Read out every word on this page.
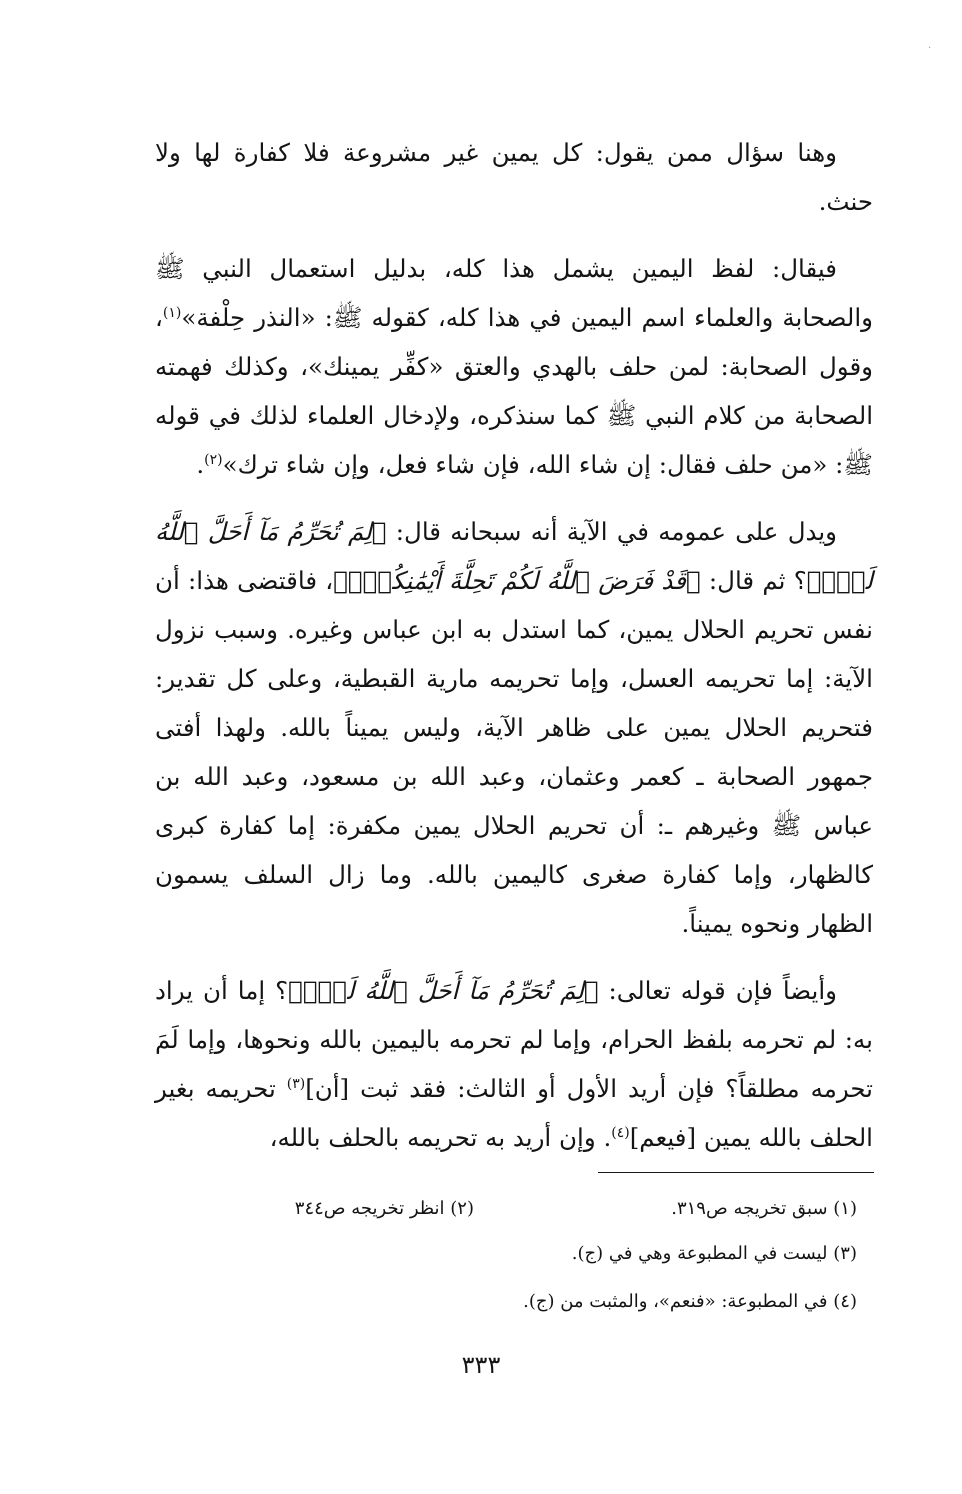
·

وهنا سؤال ممن يقول: كل يمين غير مشروعة فلا كفارة لها ولا حنث.

فيقال: لفظ اليمين يشمل هذا كله، بدليل استعمال النبي ﷺ والصحابة والعلماء اسم اليمين في هذا كله، كقوله ﷺ: «النذر حِلْفة»$^{(١)}$، وقول الصحابة: لمن حلف بالهدي والعتق «كفِّر يمينك»، وكذلك فهمته الصحابة من كلام النبي ﷺ كما سنذكره، ولإدخال العلماء لذلك في قوله ﷺ: «من حلف فقال: إن شاء الله، فإن شاء فعل، وإن شاء ترك»$^{(٢)}$.

ويدل على عمومه في الآية أنه سبحانه قال: ﴿لِمَ تُحَرِّمُ مَآ أَحَلَّ ٱللَّهُ لَكَۖ﴾؟ ثم قال: ﴿قَدْ فَرَضَ ٱللَّهُ لَكُمْ تَحِلَّةَ أَيْمَٰنِكُمْۚ﴾، فاقتضى هذا: أن نفس تحريم الحلال يمين، كما استدل به ابن عباس وغيره. وسبب نزول الآية: إما تحريمه العسل، وإما تحريمه مارية القبطية، وعلى كل تقدير: فتحريم الحلال يمين على ظاهر الآية، وليس يميناً بالله. ولهذا أفتى جمهور الصحابة ـ كعمر وعثمان، وعبد الله بن مسعود، وعبد الله بن عباس ﷺ وغيرهم ـ: أن تحريم الحلال يمين مكفرة: إما كفارة كبرى كالظهار، وإما كفارة صغرى كاليمين بالله. وما زال السلف يسمون الظهار ونحوه يميناً.

وأيضاً فإن قوله تعالى: ﴿لِمَ تُحَرِّمُ مَآ أَحَلَّ ٱللَّهُ لَكَۖ﴾؟ إما أن يراد به: لم تحرمه بلفظ الحرام، وإما لم تحرمه باليمين بالله ونحوها، وإما لَمَ تحرمه مطلقاً؟ فإن أريد الأول أو الثالث: فقد ثبت [أن]$^{(٣)}$ تحريمه بغير الحلف بالله يمين [فيعم]$^{(٤)}$. وإن أريد به تحريمه بالحلف بالله،

(١) سبق تخريجه ص٣١٩.
(٢) انظر تخريجه ص٣٤٤
(٣) ليست في المطبوعة وهي في (ج).
(٤) في المطبوعة: «فنعم»، والمثبت من (ج).
٣٣٣
